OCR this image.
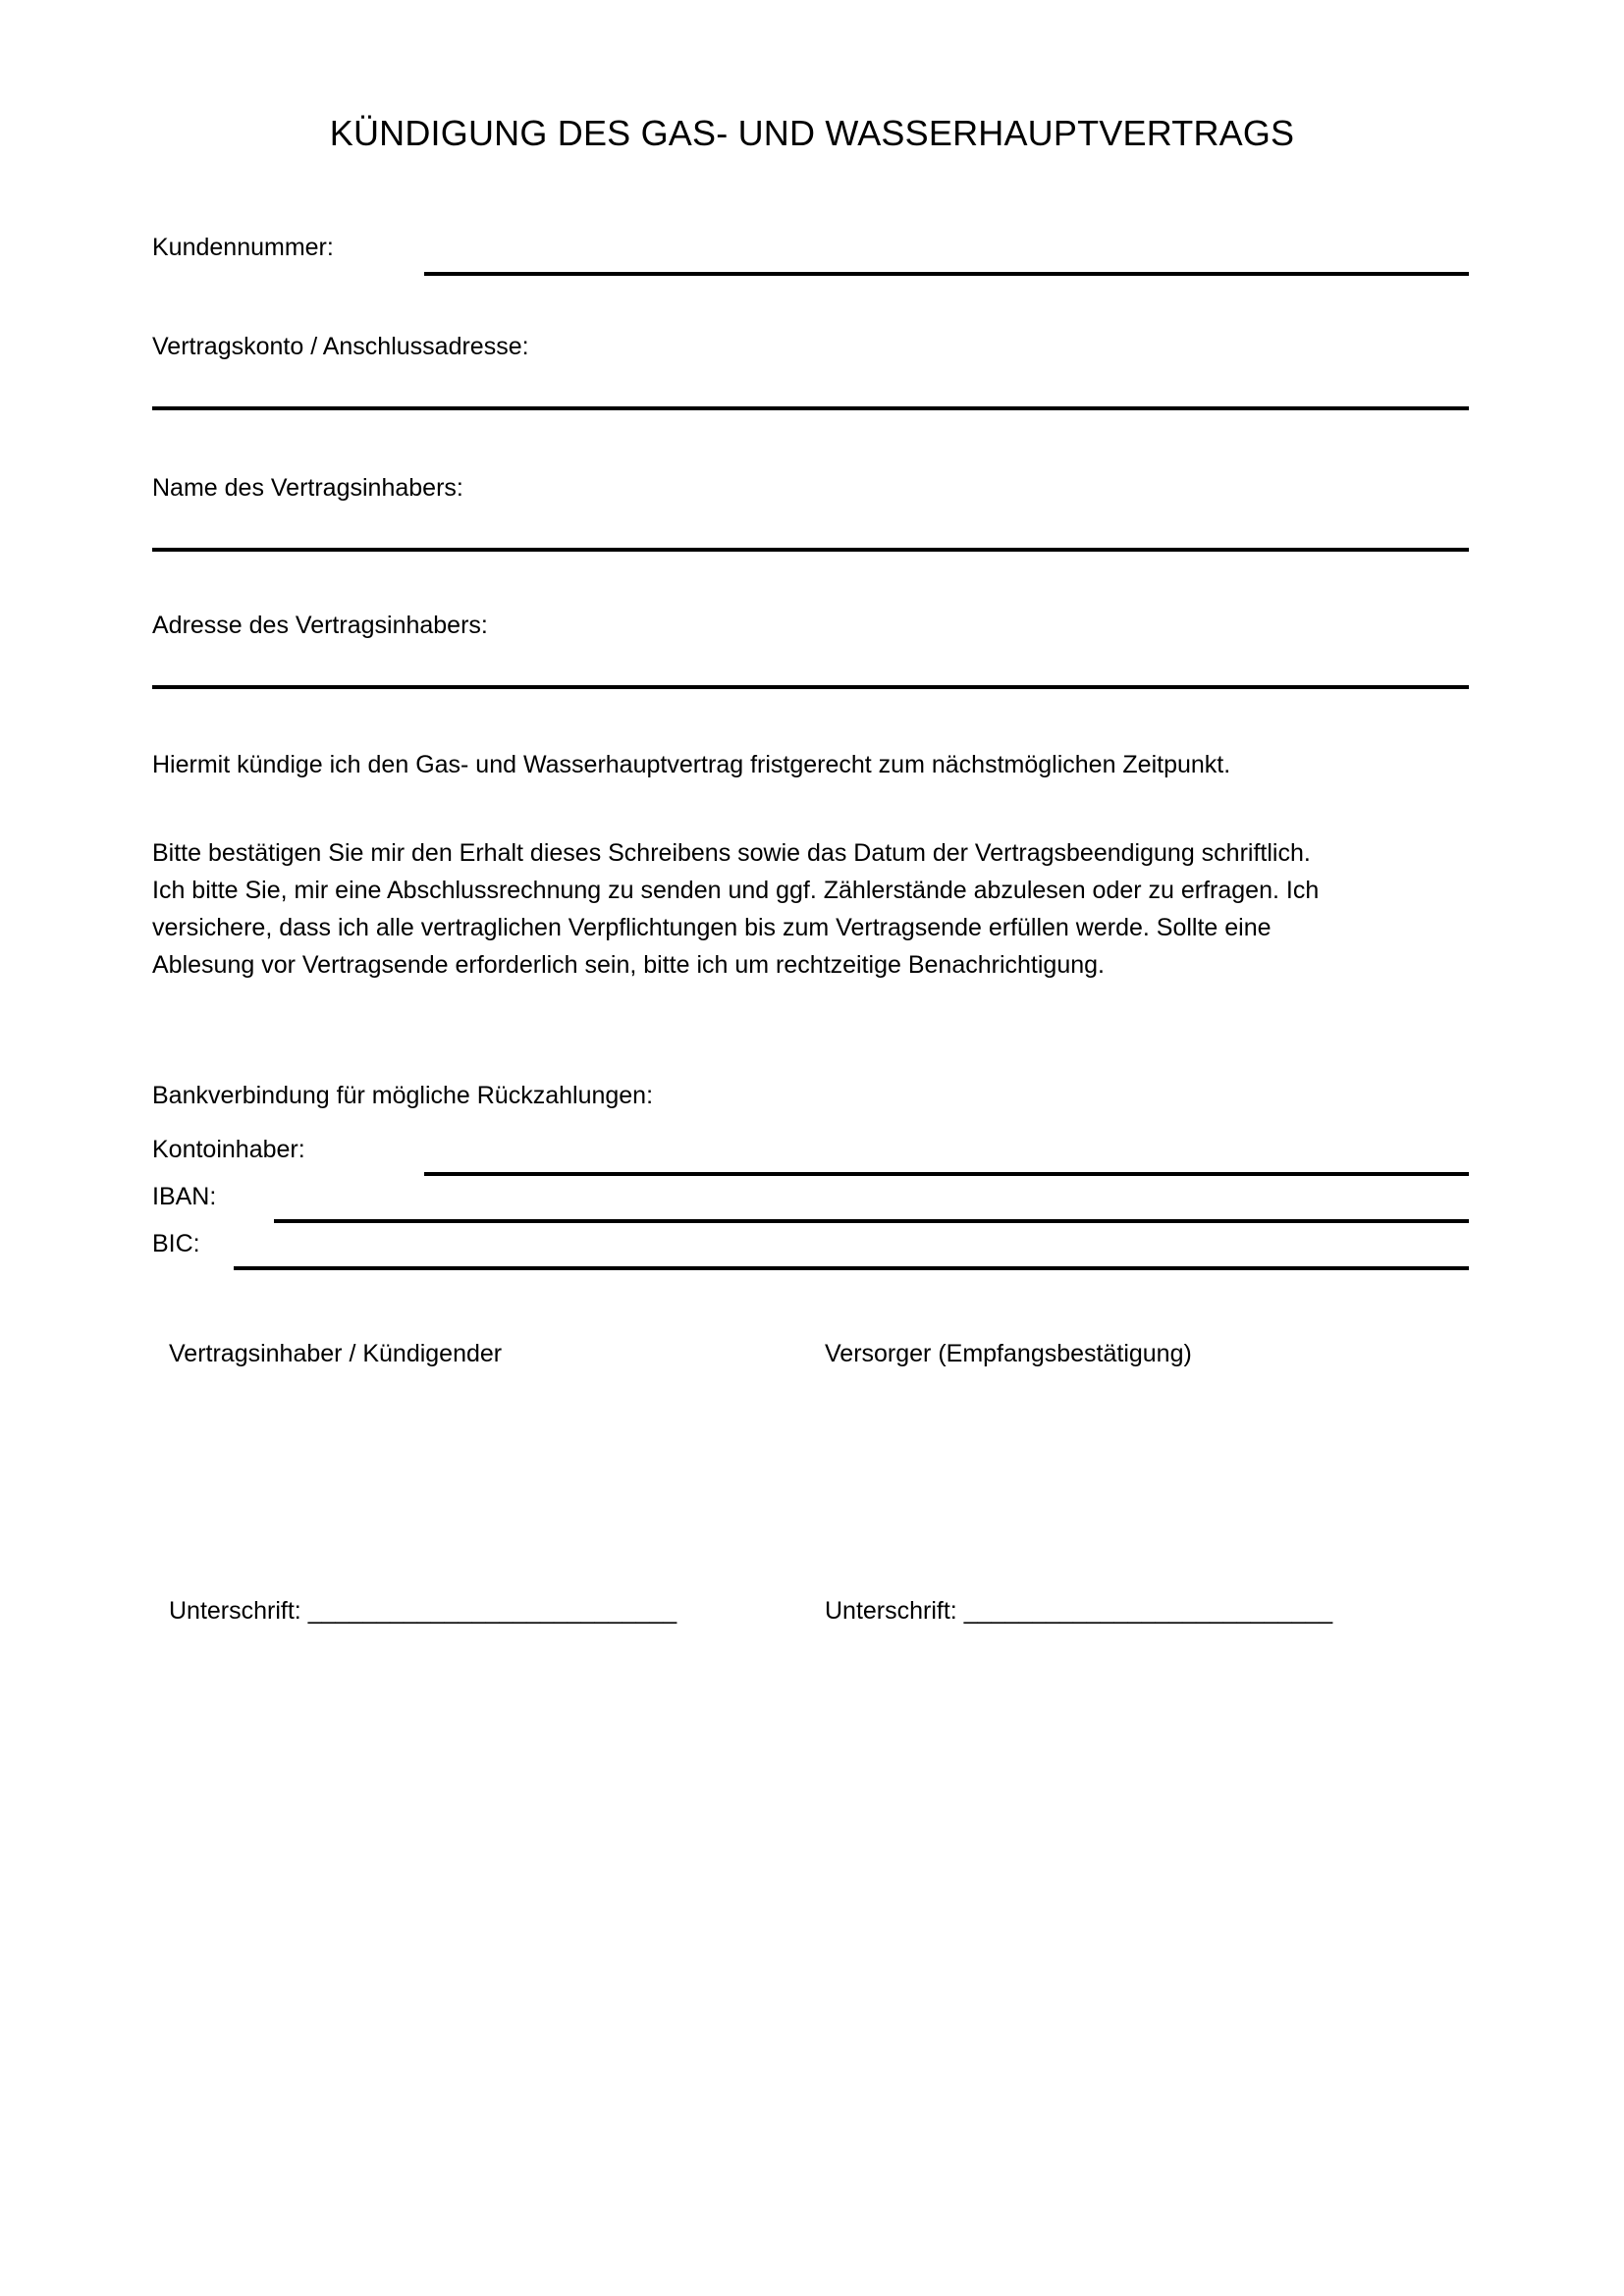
KÜNDIGUNG DES GAS- UND WASSERHAUPTVERTRAGS
Kundennummer:
Vertragskonto / Anschlussadresse:
Name des Vertragsinhabers:
Adresse des Vertragsinhabers:
Hiermit kündige ich den Gas- und Wasserhauptvertrag fristgerecht zum nächstmöglichen Zeitpunkt.
Bitte bestätigen Sie mir den Erhalt dieses Schreibens sowie das Datum der Vertragsbeendigung schriftlich.
Ich bitte Sie, mir eine Abschlussrechnung zu senden und ggf. Zählerstände abzulesen oder zu erfragen. Ich
versichere, dass ich alle vertraglichen Verpflichtungen bis zum Vertragsende erfüllen werde. Sollte eine
Ablesung vor Vertragsende erforderlich sein, bitte ich um rechtzeitige Benachrichtigung.
Bankverbindung für mögliche Rückzahlungen:
Kontoinhaber:
IBAN:
BIC:
Vertragsinhaber / Kündigender	Versorger (Empfangsbestätigung)
Unterschrift: ___________________________	Unterschrift: ___________________________
